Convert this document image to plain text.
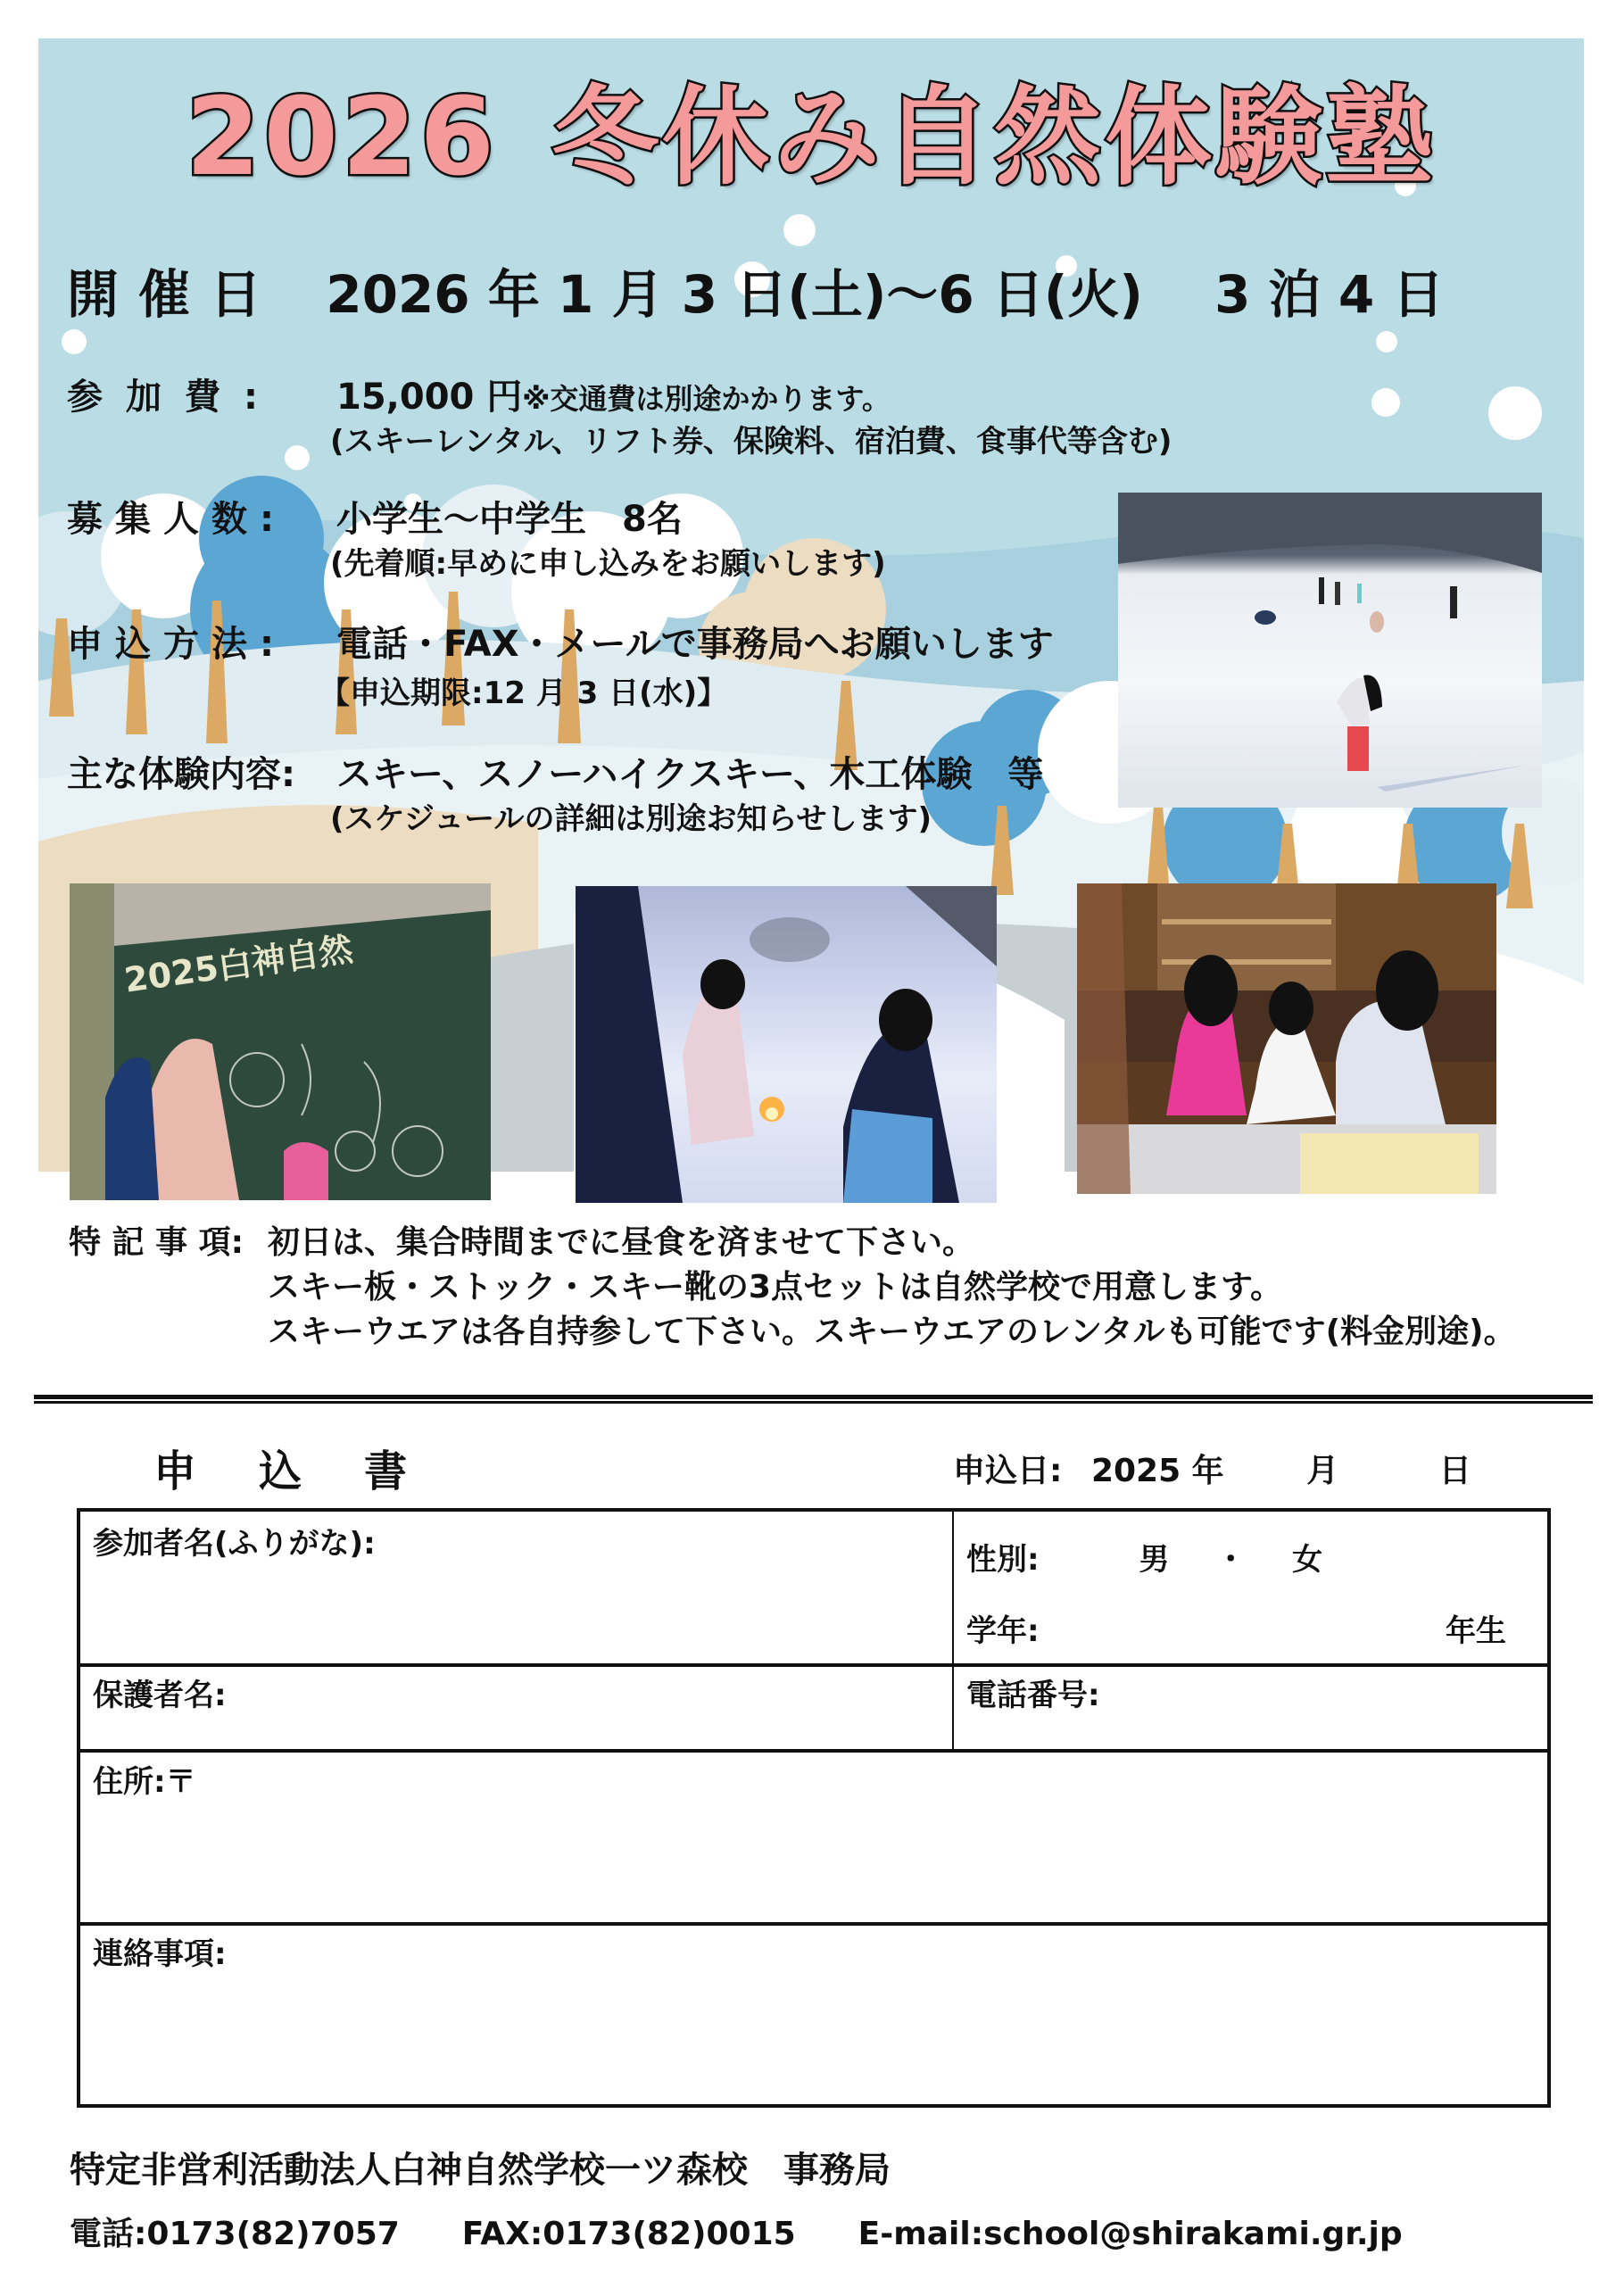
2026 冬休み自然体験塾
開催日 2026 年 1 月 3 日(土)～6 日(火) 3 泊 4 日
参加費: 15,000 円※交通費は別途かかります。
(スキーレンタル、リフト券、保険料、宿泊費、食事代等含む)
募集人数: 小学生～中学生　8名
(先着順:早めに申し込みをお願いします)
申込方法: 電話・FAX・メールで事務局へお願いします
【申込期限:12 月 3 日(水)】
主な体験内容: スキー、スノーハイクスキー、木工体験　等
(スケジュールの詳細は別途お知らせします)
2025白神自然
特 記 事 項: 初日は、集合時間までに昼食を済ませて下さい。
スキー板・ストック・スキー靴の3点セットは自然学校で用意します。
スキーウエアは各自持参して下さい。スキーウエアのレンタルも可能です(料金別途)。
申込書	申込日: 2025 年	月	日
参加者名(ふりがな):	性別:	男 ・ 女
学年:	年生
保護者名:	電話番号:
住所:〒
連絡事項:
特定非営利活動法人白神自然学校一ツ森校　事務局
電話:0173(82)7057 FAX:0173(82)0015 E-mail:school@shirakami.gr.jp
